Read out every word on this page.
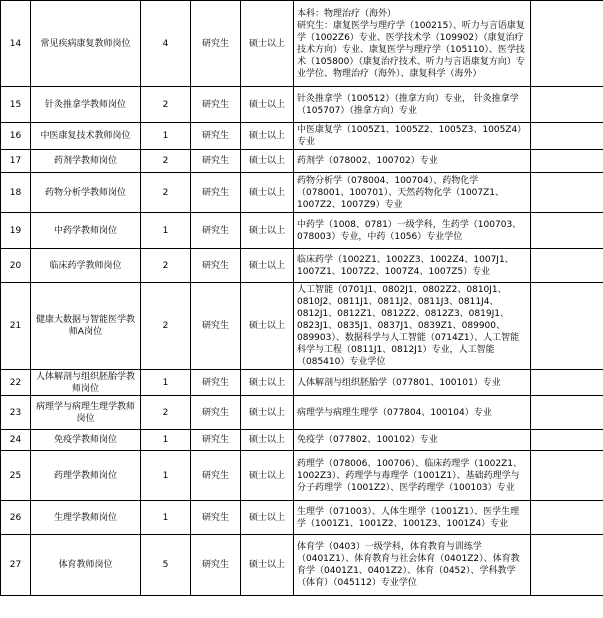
14	常见疾病康复教师岗位	4	研究生	硕士以上	本科：物理治疗（海外）
研究生：康复医学与理疗学（100215）、听力与言语康复学（1002Z6）专业、医学技术学（109902）（康复治疗技术方向）专业、康复医学与理疗学（105110）、医学技术（105800）（康复治疗技术、听力与言语康复方向）专业学位、物理治疗（海外）、康复科学（海外）	
15	针灸推拿学教师岗位	2	研究生	硕士以上	针灸推拿学（100512）（推拿方向）专业， 针灸推拿学（105707）（推拿方向）专业	
16	中医康复技术教师岗位	1	研究生	硕士以上	中医康复学（1005Z1、1005Z2、1005Z3、1005Z4）专业	
17	药剂学教师岗位	2	研究生	硕士以上	药剂学（078002、100702）专业	
18	药物分析学教师岗位	2	研究生	硕士以上	药物分析学（078004、100704）、药物化学（078001、100701）、天然药物化学（1007Z1、1007Z2、1007Z9）专业	
19	中药学教师岗位	1	研究生	硕士以上	中药学（1008、0781）一级学科，生药学（100703、078003）专业，中药（1056）专业学位	
20	临床药学教师岗位	2	研究生	硕士以上	临床药学（1002Z1、1002Z3、1002Z4、1007J1、1007Z1、1007Z2、1007Z4、1007Z5）专业	
21	健康大数据与智能医学教师A岗位	2	研究生	硕士以上	人工智能（0701J1、0802J1、0802Z2、0810J1、0810J2、0811J1、0811J2、0811J3、0811J4、0812J1、0812Z1、0812Z2、0812Z3、0819J1、0823J1、0835J1、0837J1、0839Z1、089900、089903）、数据科学与人工智能（0714Z1）、人工智能科学与工程（0811J1、0812J1）专业，人工智能（085410）专业学位	
22	人体解剖与组织胚胎学教师岗位	1	研究生	硕士以上	人体解剖与组织胚胎学（077801、100101）专业	
23	病理学与病理生理学教师岗位	2	研究生	硕士以上	病理学与病理生理学（077804、100104）专业	
24	免疫学教师岗位	1	研究生	硕士以上	免疫学（077802、100102）专业	
25	药理学教师岗位	1	研究生	硕士以上	药理学（078006、100706）、临床药理学（1002Z1、1002Z3）、药理学与毒理学（1001Z1）、基础药理学与分子药理学（1001Z2）、医学药理学（100103）专业	
26	生理学教师岗位	1	研究生	硕士以上	生理学（071003）、人体生理学（1001Z1）、医学生理学（1001Z1、1001Z2、1001Z3、1001Z4）专业	
27	体育教师岗位	5	研究生	硕士以上	体育学（0403）一级学科，体育教育与训练学（0401Z1）、体育教育与社会体育（0401Z2）、体育教育学（0401Z1、0401Z2）、体育（0452）、学科教学（体育）（045112）专业学位	
